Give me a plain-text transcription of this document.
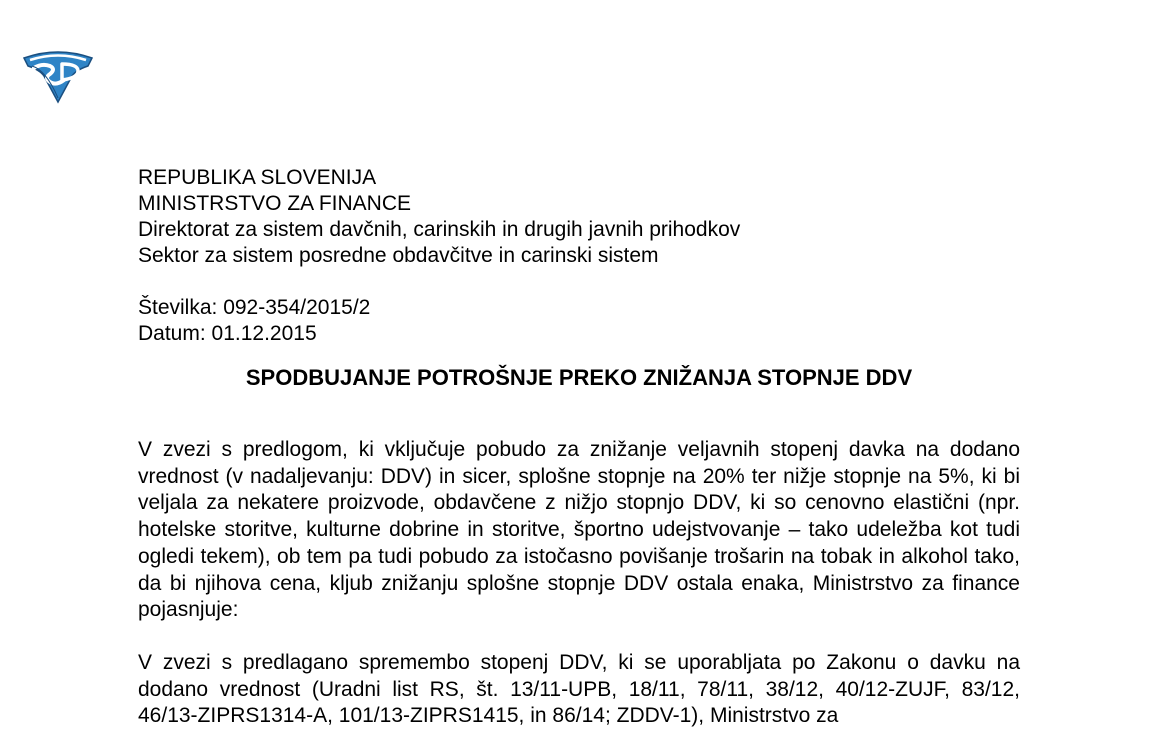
REPUBLIKA SLOVENIJA
MINISTRSTVO ZA FINANCE
Direktorat za sistem davčnih, carinskih in drugih javnih prihodkov
Sektor za sistem posredne obdavčitve in carinski sistem
Številka: 092-354/2015/2
Datum: 01.12.2015
SPODBUJANJE POTROŠNJE PREKO ZNIŽANJA STOPNJE DDV

V zvezi s predlogom, ki vključuje pobudo za znižanje veljavnih stopenj davka na dodano vrednost (v nadaljevanju: DDV) in sicer, splošne stopnje na 20% ter nižje stopnje na 5%, ki bi veljala za nekatere proizvode, obdavčene z nižjo stopnjo DDV, ki so cenovno elastični (npr. hotelske storitve, kulturne dobrine in storitve, športno udejstvovanje – tako udeležba kot tudi ogledi tekem), ob tem pa tudi pobudo za istočasno povišanje trošarin na tobak in alkohol tako, da bi njihova cena, kljub znižanju splošne stopnje DDV ostala enaka, Ministrstvo za finance pojasnjuje:

V zvezi s predlagano spremembo stopenj DDV, ki se uporabljata po Zakonu o davku na dodano vrednost (Uradni list RS, št. 13/11-UPB, 18/11, 78/11, 38/12, 40/12-ZUJF, 83/12, 46/13-ZIPRS1314-A, 101/13-ZIPRS1415, in 86/14; ZDDV-1), Ministrstvo za
